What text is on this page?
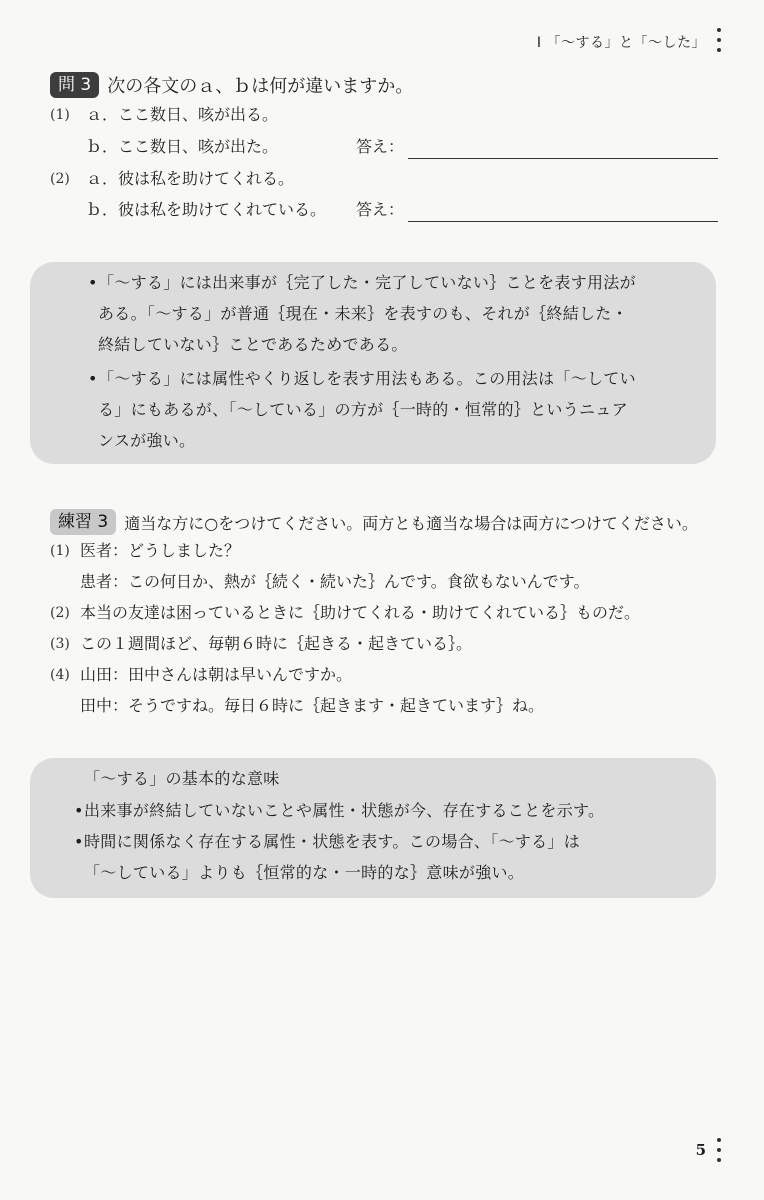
I 「〜する」と「〜した」
問 3 次の各文のａ、ｂは何が違いますか。
(1) ａ．ここ数日、咳が出る。
ｂ．ここ数日、咳が出た。	答え：
(2) ａ．彼は私を助けてくれる。
ｂ．彼は私を助けてくれている。 答え：
• 「〜する」には出来事が｛完了した・完了していない｝ことを表す用法が
ある。「〜する」が普通｛現在・未来｝を表すのも、それが｛終結した・
終結していない｝ことであるためである。
• 「〜する」には属性やくり返しを表す用法もある。この用法は「〜してい
る」にもあるが、「〜している」の方が｛一時的・恒常的｝というニュア
ンスが強い。
練習 3	適当な方に○をつけてください。両方とも適当な場合は両方につけてください。
(1) 医者：どうしました？
患者：この何日か、熱が｛続く・続いた｝んです。食欲もないんです。
(2) 本当の友達は困っているときに｛助けてくれる・助けてくれている｝ものだ。
(3) この１週間ほど、毎朝６時に｛起きる・起きている｝。
(4) 山田：田中さんは朝は早いんですか。
田中：そうですね。毎日６時に｛起きます・起きています｝ね。
「〜する」の基本的な意味
• 出来事が終結していないことや属性・状態が今、存在することを示す。
• 時間に関係なく存在する属性・状態を表す。この場合、「〜する」は
「〜している」よりも｛恒常的な・一時的な｝意味が強い。
5
